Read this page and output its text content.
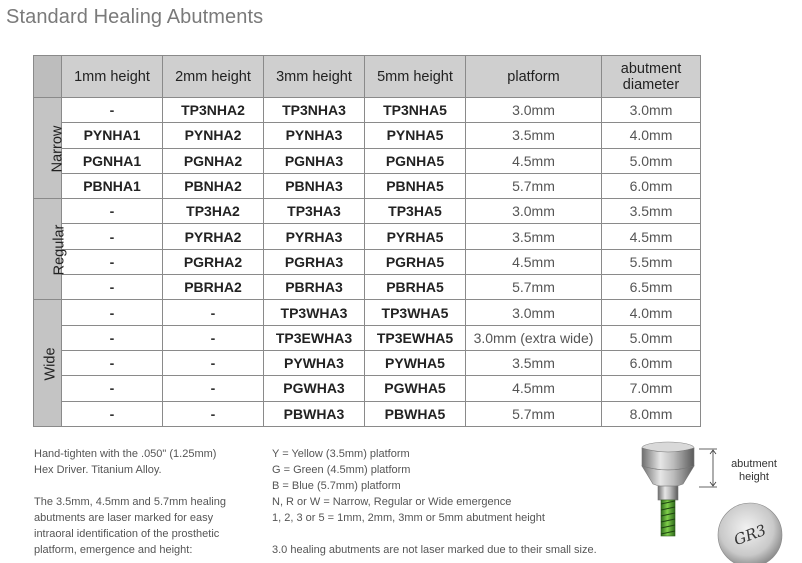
Standard Healing Abutments
	1mm height	2mm height	3mm height	5mm height	platform	abutment diameter
Narrow	-	TP3NHA2	TP3NHA3	TP3NHA5	3.0mm	3.0mm
	PYNHA1	PYNHA2	PYNHA3	PYNHA5	3.5mm	4.0mm
	PGNHA1	PGNHA2	PGNHA3	PGNHA5	4.5mm	5.0mm
	PBNHA1	PBNHA2	PBNHA3	PBNHA5	5.7mm	6.0mm
Regular	-	TP3HA2	TP3HA3	TP3HA5	3.0mm	3.5mm
	-	PYRHA2	PYRHA3	PYRHA5	3.5mm	4.5mm
	-	PGRHA2	PGRHA3	PGRHA5	4.5mm	5.5mm
	-	PBRHA2	PBRHA3	PBRHA5	5.7mm	6.5mm
Wide	-	-	TP3WHA3	TP3WHA5	3.0mm	4.0mm
	-	-	TP3EWHA3	TP3EWHA5	3.0mm (extra wide)	5.0mm
	-	-	PYWHA3	PYWHA5	3.5mm	6.0mm
	-	-	PGWHA3	PGWHA5	4.5mm	7.0mm
	-	-	PBWHA3	PBWHA5	5.7mm	8.0mm

Hand-tighten with the .050" (1.25mm)

Hex Driver. Titanium Alloy.

The 3.5mm, 4.5mm and 5.7mm healing

abutments are laser marked for easy

intraoral identification of the prosthetic

platform, emergence and height:

Y = Yellow (3.5mm) platform

G = Green (4.5mm) platform

B = Blue (5.7mm) platform

N, R or W = Narrow, Regular or Wide emergence

1, 2, 3 or 5 = 1mm, 2mm, 3mm or 5mm abutment height

3.0 healing abutments are not laser marked due to their small size.

GR3
abutment
height
